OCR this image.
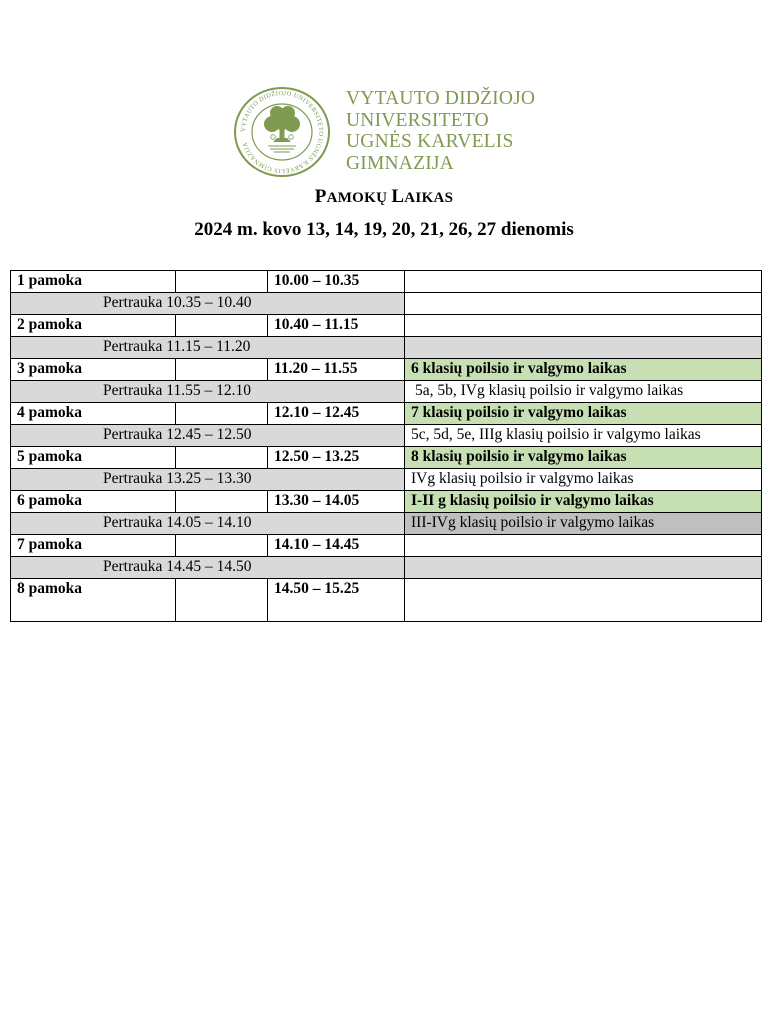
VYTAUTO DIDŽIOJO UNIVERSITETO UGNĖS KARVELIS GIMNAZIJA
VYTAUTO DIDŽIOJO
UNIVERSITETO
UGNĖS KARVELIS
GIMNAZIJA
PAMOKŲ LAIKAS
2024 m. kovo 13, 14, 19, 20, 21, 26, 27 dienomis
1 pamoka		10.00 – 10.35	
Pertrauka 10.35 – 10.40			
2 pamoka		10.40 – 11.15	
Pertrauka 11.15 – 11.20			
3 pamoka		11.20 – 11.55	6 klasių poilsio ir valgymo laikas
Pertrauka 11.55 – 12.10			5a, 5b, IVg klasių poilsio ir valgymo laikas
4 pamoka		12.10 – 12.45	7 klasių poilsio ir valgymo laikas
Pertrauka 12.45 – 12.50			5c, 5d, 5e, IIIg klasių poilsio ir valgymo laikas
5 pamoka		12.50 – 13.25	8 klasių poilsio ir valgymo laikas
Pertrauka 13.25 – 13.30			IVg klasių poilsio ir valgymo laikas
6 pamoka		13.30 – 14.05	I-II g klasių poilsio ir valgymo laikas
Pertrauka 14.05 – 14.10			III-IVg klasių poilsio ir valgymo laikas
7 pamoka		14.10 – 14.45	
Pertrauka 14.45 – 14.50			
8 pamoka		14.50 – 15.25	
